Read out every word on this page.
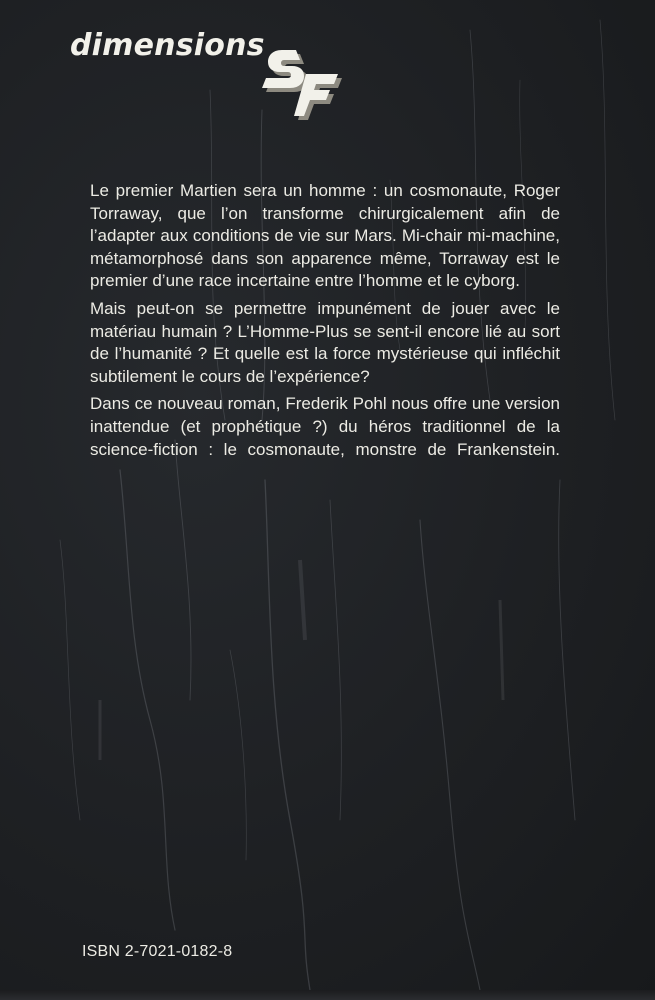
dimensions

Le premier Martien sera un homme : un cosmonaute, Roger Torraway, que l’on transforme chirurgicalement afin de l’adapter aux conditions de vie sur Mars. Mi-chair mi-machine, métamorphosé dans son apparence même, Torraway est le premier d’une race incertaine entre l’homme et le cyborg.

Mais peut-on se permettre impunément de jouer avec le matériau humain ? L’Homme-Plus se sent-il encore lié au sort de l’humanité ? Et quelle est la force mystérieuse qui infléchit subtilement le cours de l’expérience?

Dans ce nouveau roman, Frederik Pohl nous offre une version inattendue (et prophétique ?) du héros traditionnel de la science-fiction : le cosmonaute, monstre de Frankenstein.

ISBN 2-7021-0182-8
